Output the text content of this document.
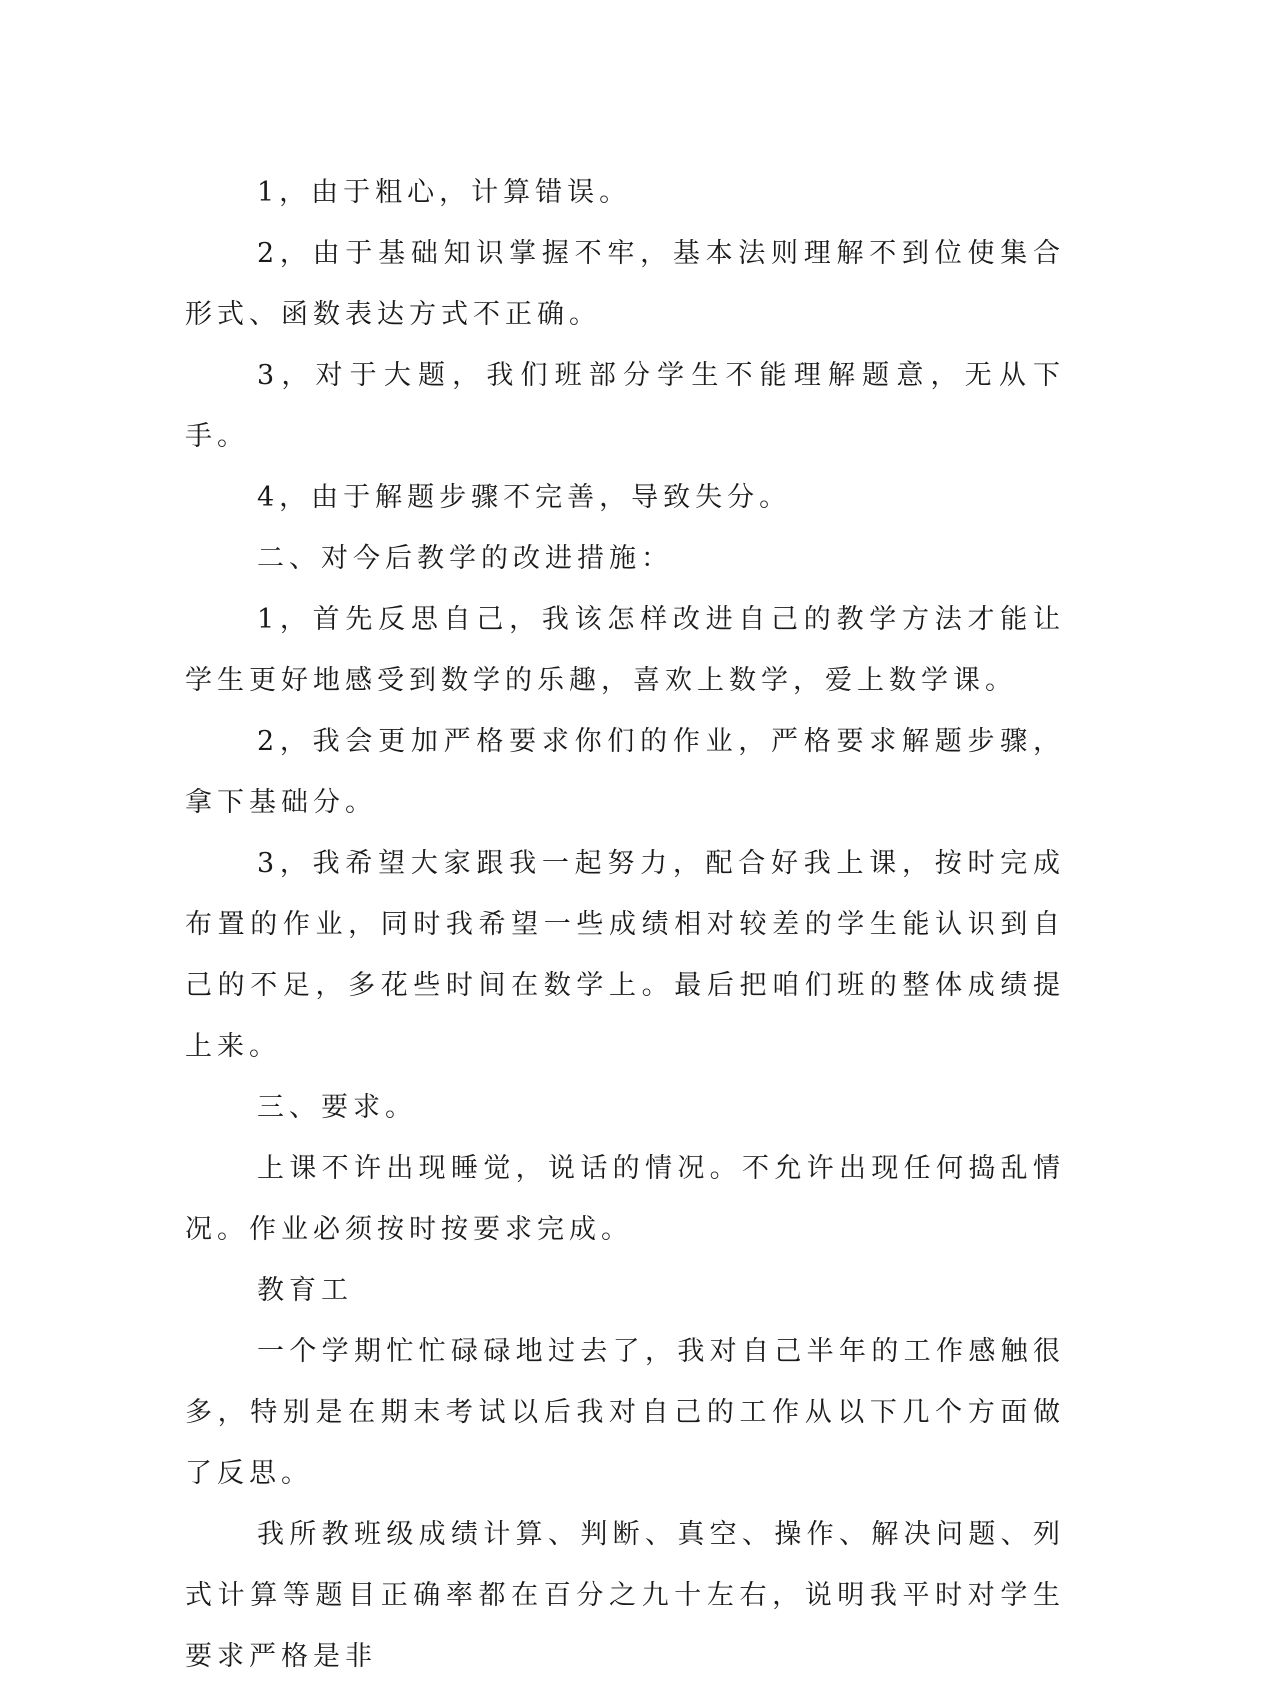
1，由于粗心，计算错误。

2，由于基础知识掌握不牢，基本法则理解不到位使集合形式、函数表达方式不正确。

3，对于大题，我们班部分学生不能理解题意，无从下手。

4，由于解题步骤不完善，导致失分。

二、对今后教学的改进措施：

1，首先反思自己，我该怎样改进自己的教学方法才能让学生更好地感受到数学的乐趣，喜欢上数学，爱上数学课。

2，我会更加严格要求你们的作业，严格要求解题步骤，拿下基础分。

3，我希望大家跟我一起努力，配合好我上课，按时完成布置的作业，同时我希望一些成绩相对较差的学生能认识到自己的不足，多花些时间在数学上。最后把咱们班的整体成绩提上来。

三、要求。

上课不许出现睡觉，说话的情况。不允许出现任何捣乱情况。作业必须按时按要求完成。

教育工

一个学期忙忙碌碌地过去了，我对自己半年的工作感触很多，特别是在期末考试以后我对自己的工作从以下几个方面做了反思。

我所教班级成绩计算、判断、真空、操作、解决问题、列式计算等题目正确率都在百分之九十左右，说明我平时对学生要求严格是非
